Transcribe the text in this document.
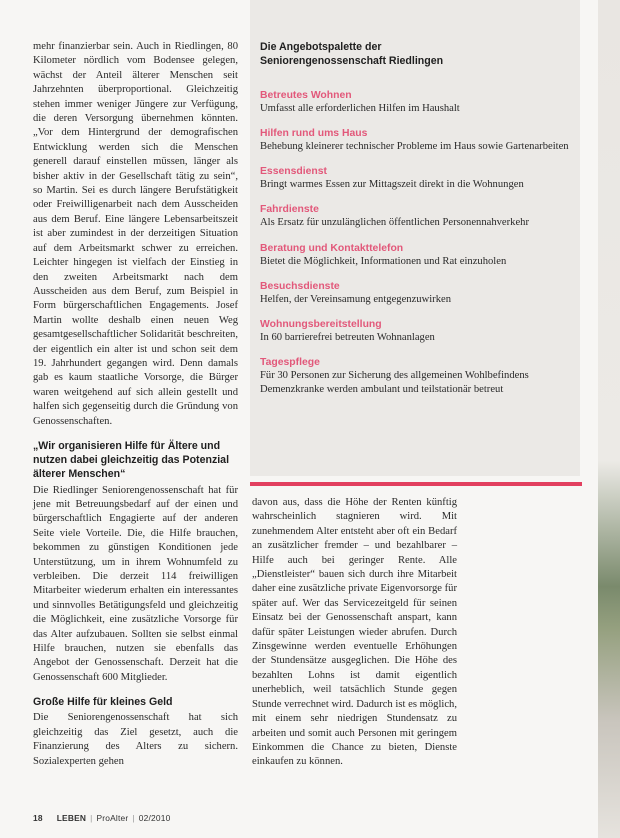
mehr finanzierbar sein. Auch in Riedlingen, 80 Kilometer nördlich vom Bodensee gelegen, wächst der Anteil älterer Menschen seit Jahrzehnten überproportional. Gleichzeitig stehen immer weniger Jüngere zur Verfügung, die deren Versorgung übernehmen könnten. „Vor dem Hintergrund der demografischen Entwicklung werden sich die Menschen generell darauf einstellen müssen, länger als bisher aktiv in der Gesellschaft tätig zu sein“, so Martin. Sei es durch längere Berufstätigkeit oder Freiwilligenarbeit nach dem Ausscheiden aus dem Beruf. Eine längere Lebensarbeitszeit ist aber zumindest in der derzeitigen Situation auf dem Arbeitsmarkt schwer zu erreichen. Leichter hingegen ist vielfach der Einstieg in den zweiten Arbeitsmarkt nach dem Ausscheiden aus dem Beruf, zum Beispiel in Form bürgerschaftlichen Engagements. Josef Martin wollte deshalb einen neuen Weg gesamtgesellschaftlicher Solidarität beschreiten, der eigentlich ein alter ist und schon seit dem 19. Jahrhundert gegangen wird. Denn damals gab es kaum staatliche Vorsorge, die Bürger waren weitgehend auf sich allein gestellt und halfen sich gegenseitig durch die Gründung von Genossenschaften.

„Wir organisieren Hilfe für Ältere und nutzen dabei gleichzeitig das Potenzial älterer Menschen“

Die Riedlinger Seniorengenossenschaft hat für jene mit Betreuungsbedarf auf der einen und bürgerschaftlich Engagierte auf der anderen Seite viele Vorteile. Die, die Hilfe brauchen, bekommen zu günstigen Konditionen jede Unterstützung, um in ihrem Wohnumfeld zu verbleiben. Die derzeit 114 freiwilligen Mitarbeiter wiederum erhalten ein interessantes und sinnvolles Betätigungsfeld und gleichzeitig die Möglichkeit, eine zusätzliche Vorsorge für das Alter aufzubauen. Sollten sie selbst einmal Hilfe brauchen, nutzen sie ebenfalls das Angebot der Genossenschaft. Derzeit hat die Genossenschaft 600 Mitglieder.

Große Hilfe für kleines Geld

Die Seniorengenossenschaft hat sich gleichzeitig das Ziel gesetzt, auch die Finanzierung des Alters zu sichern. Sozialexperten gehen

Die Angebotspalette der
Seniorengenossenschaft Riedlingen

Betreutes Wohnen

Umfasst alle erforderlichen Hilfen im Haushalt

Hilfen rund ums Haus

Behebung kleinerer technischer Probleme im Haus sowie Gartenarbeiten

Essensdienst

Bringt warmes Essen zur Mittagszeit direkt in die Wohnungen

Fahrdienste

Als Ersatz für unzulänglichen öffentlichen Personennahverkehr

Beratung und Kontakttelefon

Bietet die Möglichkeit, Informationen und Rat einzuholen

Besuchsdienste

Helfen, der Vereinsamung entgegenzuwirken

Wohnungsbereitstellung

In 60 barrierefrei betreuten Wohnanlagen

Tagespflege

Für 30 Personen zur Sicherung des allgemeinen Wohlbefindens

Demenzkranke werden ambulant und teilstationär betreut

davon aus, dass die Höhe der Renten künftig wahrscheinlich stagnieren wird. Mit zunehmendem Alter entsteht aber oft ein Bedarf an zusätzlicher fremder – und bezahlbarer – Hilfe auch bei geringer Rente. Alle „Dienstleister“ bauen sich durch ihre Mitarbeit daher eine zusätzliche private Eigenvorsorge für später auf. Wer das Servicezeitgeld für seinen Einsatz bei der Genossenschaft anspart, kann dafür später Leistungen wieder abrufen. Durch Zinsgewinne werden eventuelle Erhöhungen der Stundensätze ausgeglichen. Die Höhe des bezahlten Lohns ist damit eigentlich unerheblich, weil tatsächlich Stunde gegen Stunde verrechnet wird. Dadurch ist es möglich, mit einem sehr niedrigen Stundensatz zu arbeiten und somit auch Personen mit geringem Einkommen die Chance zu bieten, Dienste einkaufen zu können.

18 LEBEN | ProAlter | 02/2010
